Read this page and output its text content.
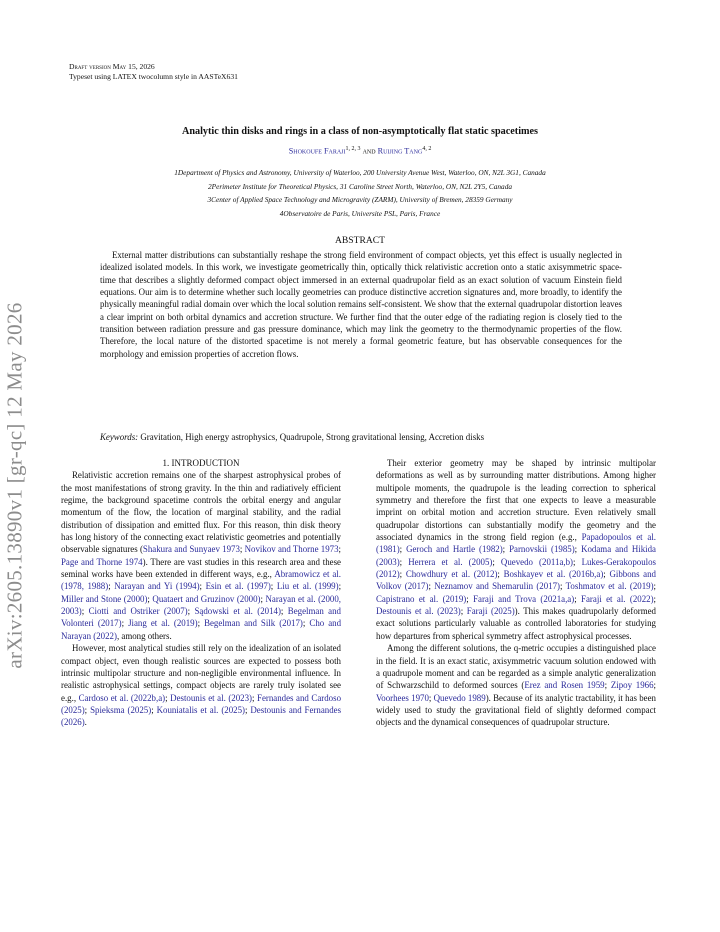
arXiv:2605.13890v1 [gr-qc] 12 May 2026
Draft version May 15, 2026
Typeset using LATEX twocolumn style in AASTeX631
Analytic thin disks and rings in a class of non-asymptotically flat static spacetimes
Shokoufe Faraji$^{1, 2, 3}$ and Ruijing Tang$^{4, 2}$
1Department of Physics and Astronomy, University of Waterloo, 200 University Avenue West, Waterloo, ON, N2L 3G1, Canada
2Perimeter Institute for Theoretical Physics, 31 Caroline Street North, Waterloo, ON, N2L 2Y5, Canada
3Center of Applied Space Technology and Microgravity (ZARM), University of Bremen, 28359 Germany
4Observatoire de Paris, Universite PSL, Paris, France
ABSTRACT
External matter distributions can substantially reshape the strong field environment of compact objects, yet this effect is usually neglected in idealized isolated models. In this work, we investigate geometrically thin, optically thick relativistic accretion onto a static axisymmetric space-time that describes a slightly deformed compact object immersed in an external quadrupolar field as an exact solution of vacuum Einstein field equations. Our aim is to determine whether such locally geometries can produce distinctive accretion signatures and, more broadly, to identify the physically meaningful radial domain over which the local solution remains self-consistent. We show that the external quadrupolar distortion leaves a clear imprint on both orbital dynamics and accretion structure. We further find that the outer edge of the radiating region is closely tied to the transition between radiation pressure and gas pressure dominance, which may link the geometry to the thermodynamic properties of the flow. Therefore, the local nature of the distorted spacetime is not merely a formal geometric feature, but has observable consequences for the morphology and emission properties of accretion flows.
Keywords: Gravitation, High energy astrophysics, Quadrupole, Strong gravitational lensing, Accretion disks

1. INTRODUCTION

Relativistic accretion remains one of the sharpest astrophysical probes of the most manifestations of strong gravity. In the thin and radiatively efficient regime, the background spacetime controls the orbital energy and angular momentum of the flow, the location of marginal stability, and the radial distribution of dissipation and emitted flux. For this reason, thin disk theory has long history of the connecting exact relativistic geometries and potentially observable signatures (Shakura and Sunyaev 1973; Novikov and Thorne 1973; Page and Thorne 1974). There are vast studies in this research area and these seminal works have been extended in different ways, e.g., Abramowicz et al. (1978, 1988); Narayan and Yi (1994); Esin et al. (1997); Liu et al. (1999); Miller and Stone (2000); Quataert and Gruzinov (2000); Narayan et al. (2000, 2003); Ciotti and Ostriker (2007); Sądowski et al. (2014); Begelman and Volonteri (2017); Jiang et al. (2019); Begelman and Silk (2017); Cho and Narayan (2022), among others.

However, most analytical studies still rely on the idealization of an isolated compact object, even though realistic sources are expected to possess both intrinsic multipolar structure and non-negligible environmental influence. In realistic astrophysical settings, compact objects are rarely truly isolated see e.g., Cardoso et al. (2022b,a); Destounis et al. (2023); Fernandes and Cardoso (2025); Spieksma (2025); Kouniatalis et al. (2025); Destounis and Fernandes (2026).

Their exterior geometry may be shaped by intrinsic multipolar deformations as well as by surrounding matter distributions. Among higher multipole moments, the quadrupole is the leading correction to spherical symmetry and therefore the first that one expects to leave a measurable imprint on orbital motion and accretion structure. Even relatively small quadrupolar distortions can substantially modify the geometry and the associated dynamics in the strong field region (e.g., Papadopoulos et al. (1981); Geroch and Hartle (1982); Parnovskii (1985); Kodama and Hikida (2003); Herrera et al. (2005); Quevedo (2011a,b); Lukes-Gerakopoulos (2012); Chowdhury et al. (2012); Boshkayev et al. (2016b,a); Gibbons and Volkov (2017); Neznamov and Shemarulin (2017); Toshmatov et al. (2019); Capistrano et al. (2019); Faraji and Trova (2021a,a); Faraji et al. (2022); Destounis et al. (2023); Faraji (2025)). This makes quadrupolarly deformed exact solutions particularly valuable as controlled laboratories for studying how departures from spherical symmetry affect astrophysical processes.

Among the different solutions, the q-metric occupies a distinguished place in the field. It is an exact static, axisymmetric vacuum solution endowed with a quadrupole moment and can be regarded as a simple analytic generalization of Schwarzschild to deformed sources (Erez and Rosen 1959; Zipoy 1966; Voorhees 1970; Quevedo 1989). Because of its analytic tractability, it has been widely used to study the gravitational field of slightly deformed compact objects and the dynamical consequences of quadrupolar structure.
